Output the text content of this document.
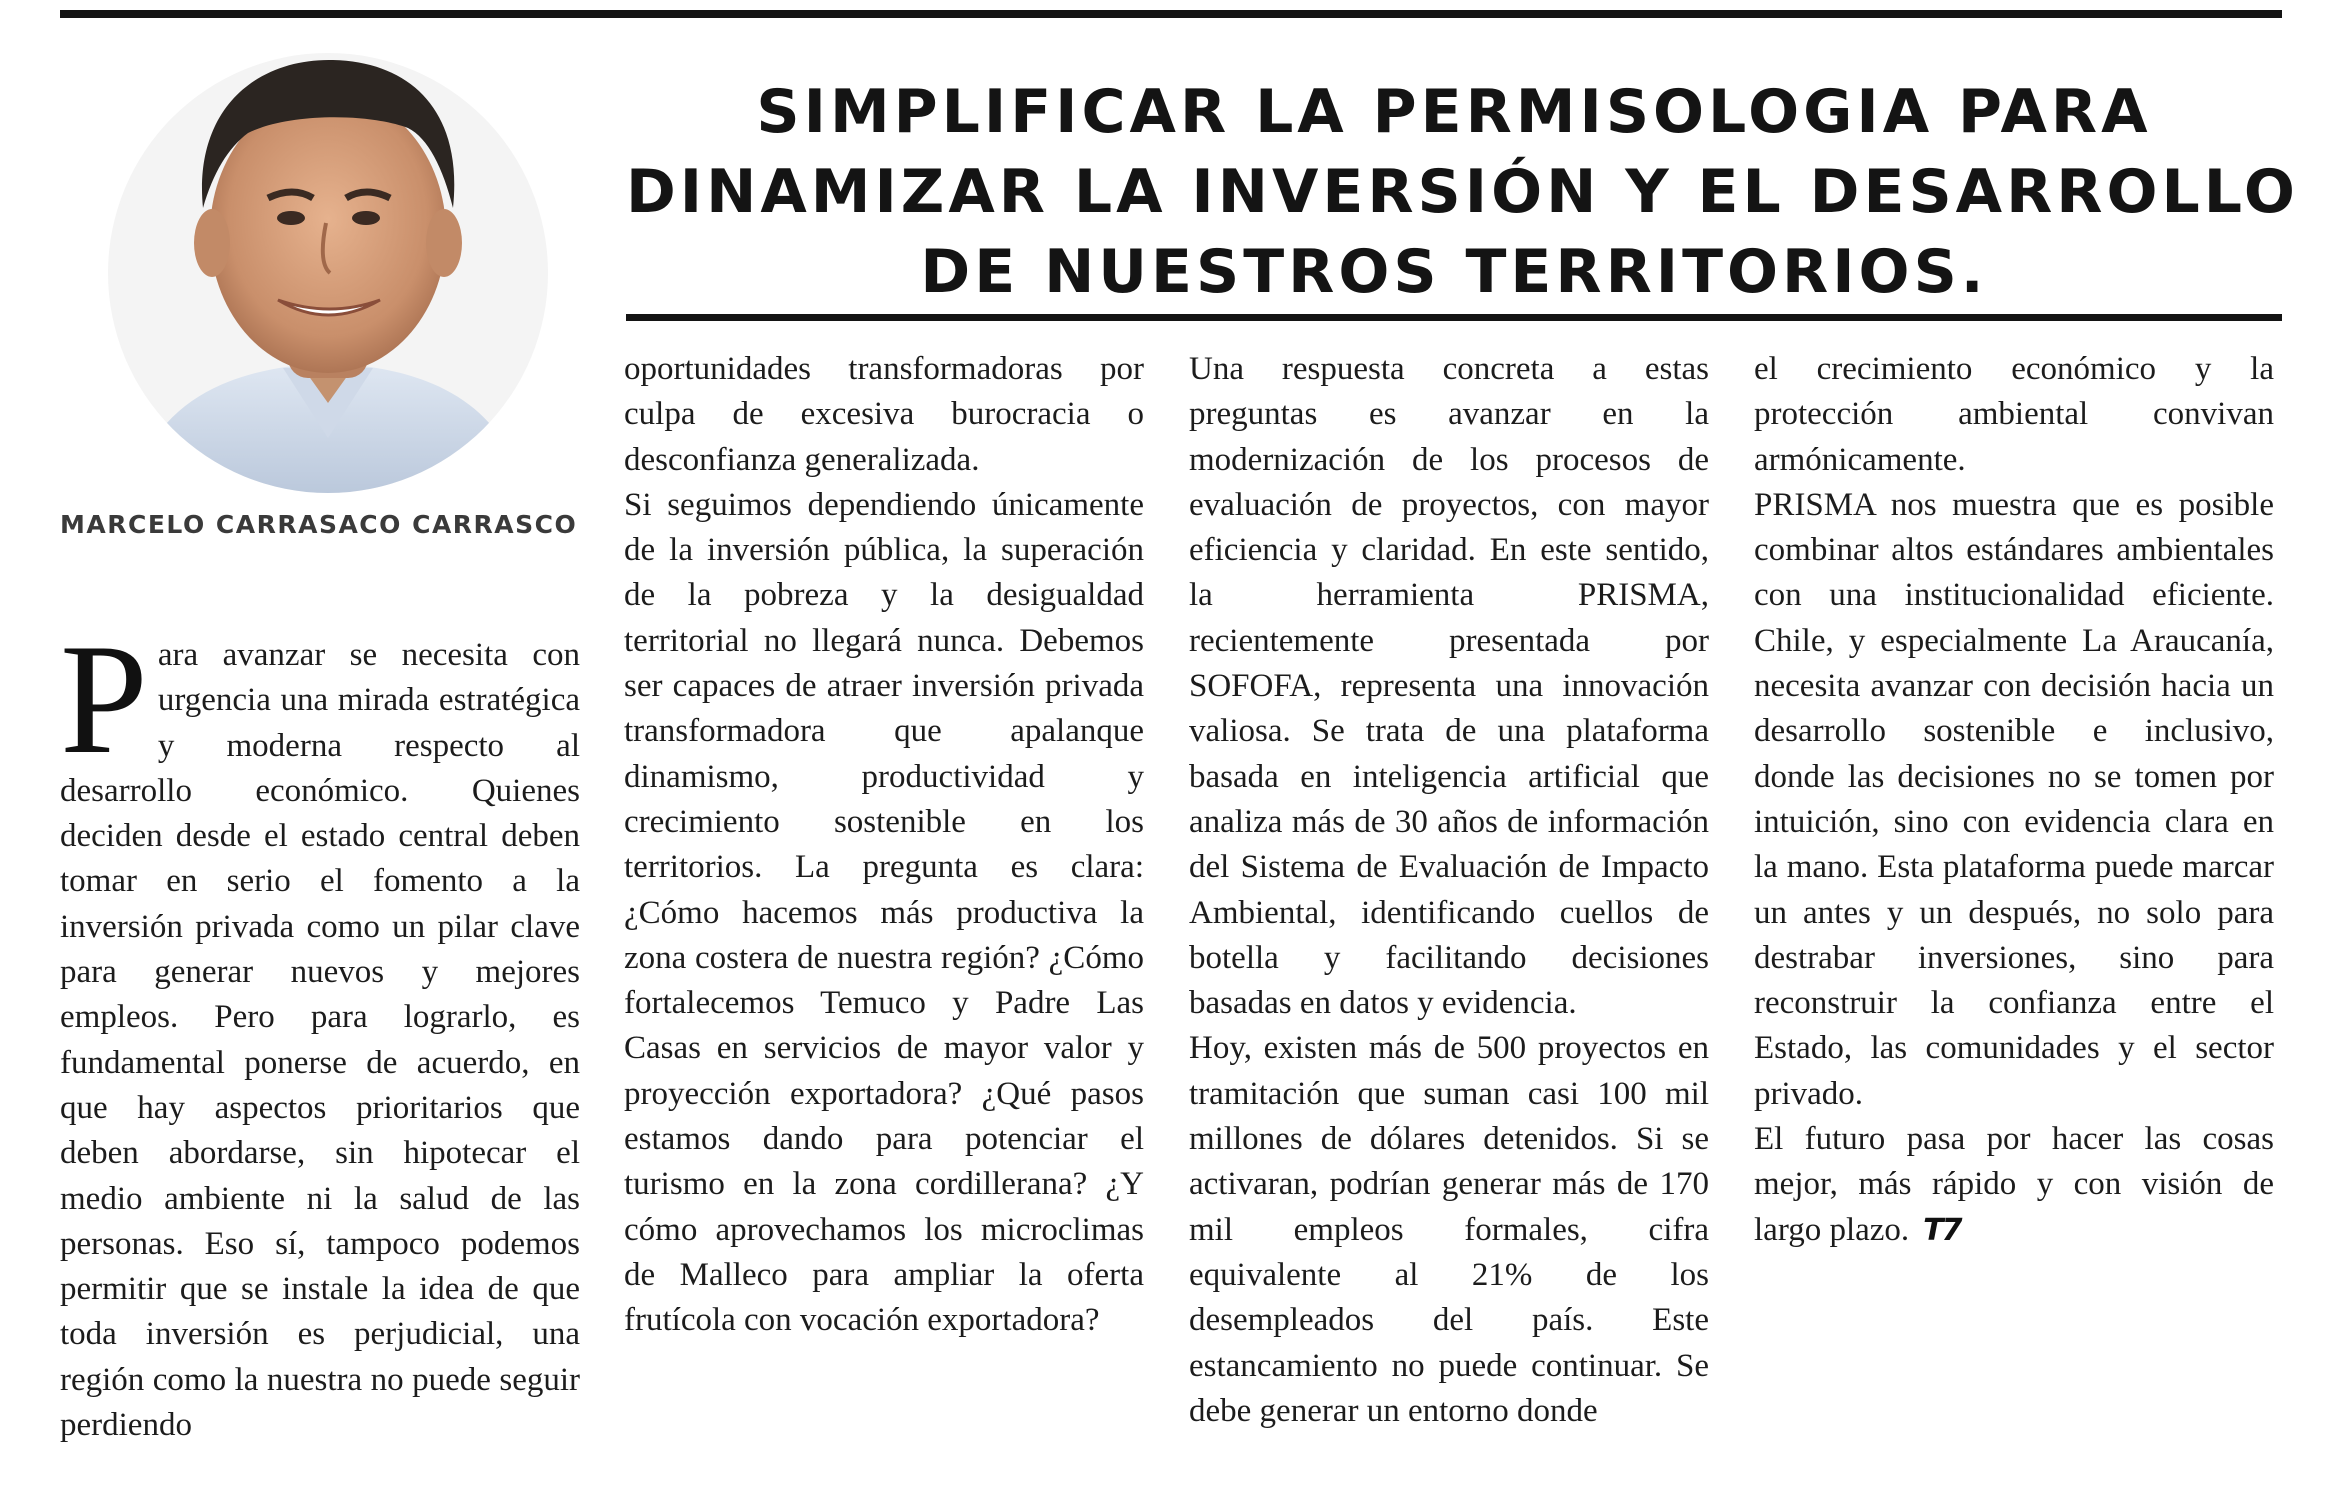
MARCELO CARRASACO CARRASCO
SIMPLIFICAR LA PERMISOLOGIA PARA
DINAMIZAR LA INVERSIÓN Y EL DESARROLLO
DE NUESTROS TERRITORIOS.

Para avanzar se necesita con urgencia una mirada estratégica y moderna respecto al desarrollo económico. Quienes deciden desde el estado central deben tomar en serio el fomento a la inversión privada como un pilar clave para generar nuevos y mejores empleos. Pero para lograrlo, es fundamental ponerse de acuerdo, en que hay aspectos prioritarios que deben abordarse, sin hipotecar el medio ambiente ni la salud de las personas. Eso sí, tampoco podemos permitir que se instale la idea de que toda inversión es perjudicial, una región como la nuestra no puede seguir perdiendo

oportunidades transformadoras por culpa de excesiva burocracia o desconfianza generalizada.

Si seguimos dependiendo únicamente de la inversión pública, la superación de la pobreza y la desigualdad territorial no llegará nunca. Debemos ser capaces de atraer inversión privada transformadora que apalanque dinamismo, productividad y crecimiento sostenible en los territorios. La pregunta es clara: ¿Cómo hacemos más productiva la zona costera de nuestra región? ¿Cómo fortalecemos Temuco y Padre Las Casas en servicios de mayor valor y proyección exportadora? ¿Qué pasos estamos dando para potenciar el turismo en la zona cordillerana? ¿Y cómo aprovechamos los microclimas de Malleco para ampliar la oferta frutícola con vocación exportadora?

Una respuesta concreta a estas preguntas es avanzar en la modernización de los procesos de evaluación de proyectos, con mayor eficiencia y claridad. En este sentido, la herramienta PRISMA, recientemente presentada por SOFOFA, representa una innovación valiosa. Se trata de una plataforma basada en inteligencia artificial que analiza más de 30 años de información del Sistema de Evaluación de Impacto Ambiental, identificando cuellos de botella y facilitando decisiones basadas en datos y evidencia.

Hoy, existen más de 500 proyectos en tramitación que suman casi 100 mil millones de dólares detenidos. Si se activaran, podrían generar más de 170 mil empleos formales, cifra equivalente al 21% de los desempleados del país. Este estancamiento no puede continuar. Se debe generar un entorno donde

el crecimiento económico y la protección ambiental convivan armónicamente.

PRISMA nos muestra que es posible combinar altos estándares ambientales con una institucionalidad eficiente. Chile, y especialmente La Araucanía, necesita avanzar con decisión hacia un desarrollo sostenible e inclusivo, donde las decisiones no se tomen por intuición, sino con evidencia clara en la mano. Esta plataforma puede marcar un antes y un después, no solo para destrabar inversiones, sino para reconstruir la confianza entre el Estado, las comunidades y el sector privado.

El futuro pasa por hacer las cosas mejor, más rápido y con visión de largo plazo. T7
